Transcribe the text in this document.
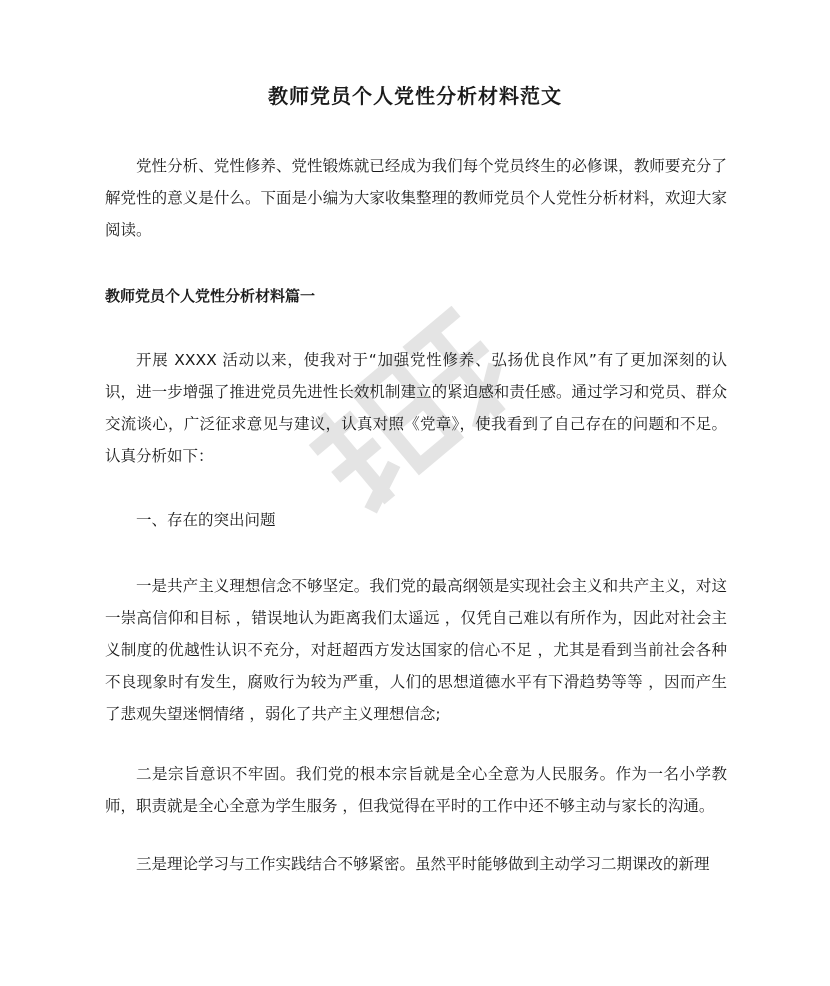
教师党员个人党性分析材料范文

党性分析、党性修养、党性锻炼就已经成为我们每个党员终生的必修课，教师要充分了解党性的意义是什么。下面是小编为大家收集整理的教师党员个人党性分析材料，欢迎大家阅读。

教师党员个人党性分析材料篇一

开展 XXXX 活动以来，使我对于“加强党性修养、弘扬优良作风”有了更加深刻的认识，进一步增强了推进党员先进性长效机制建立的紧迫感和责任感。通过学习和党员、群众交流谈心，广泛征求意见与建议，认真对照《党章》，使我看到了自己存在的问题和不足。认真分析如下：

一、存在的突出问题

一是共产主义理想信念不够坚定。我们党的最高纲领是实现社会主义和共产主义，对这一崇高信仰和目标 ，错误地认为距离我们太遥远 ，仅凭自己难以有所作为，因此对社会主义制度的优越性认识不充分，对赶超西方发达国家的信心不足 ，尤其是看到当前社会各种不良现象时有发生，腐败行为较为严重，人们的思想道德水平有下滑趋势等等 ，因而产生了悲观失望迷惘情绪 ，弱化了共产主义理想信念;

二是宗旨意识不牢固。我们党的根本宗旨就是全心全意为人民服务。作为一名小学教师，职责就是全心全意为学生服务 ，但我觉得在平时的工作中还不够主动与家长的沟通。

三是理论学习与工作实践结合不够紧密。虽然平时能够做到主动学习二期课改的新理
